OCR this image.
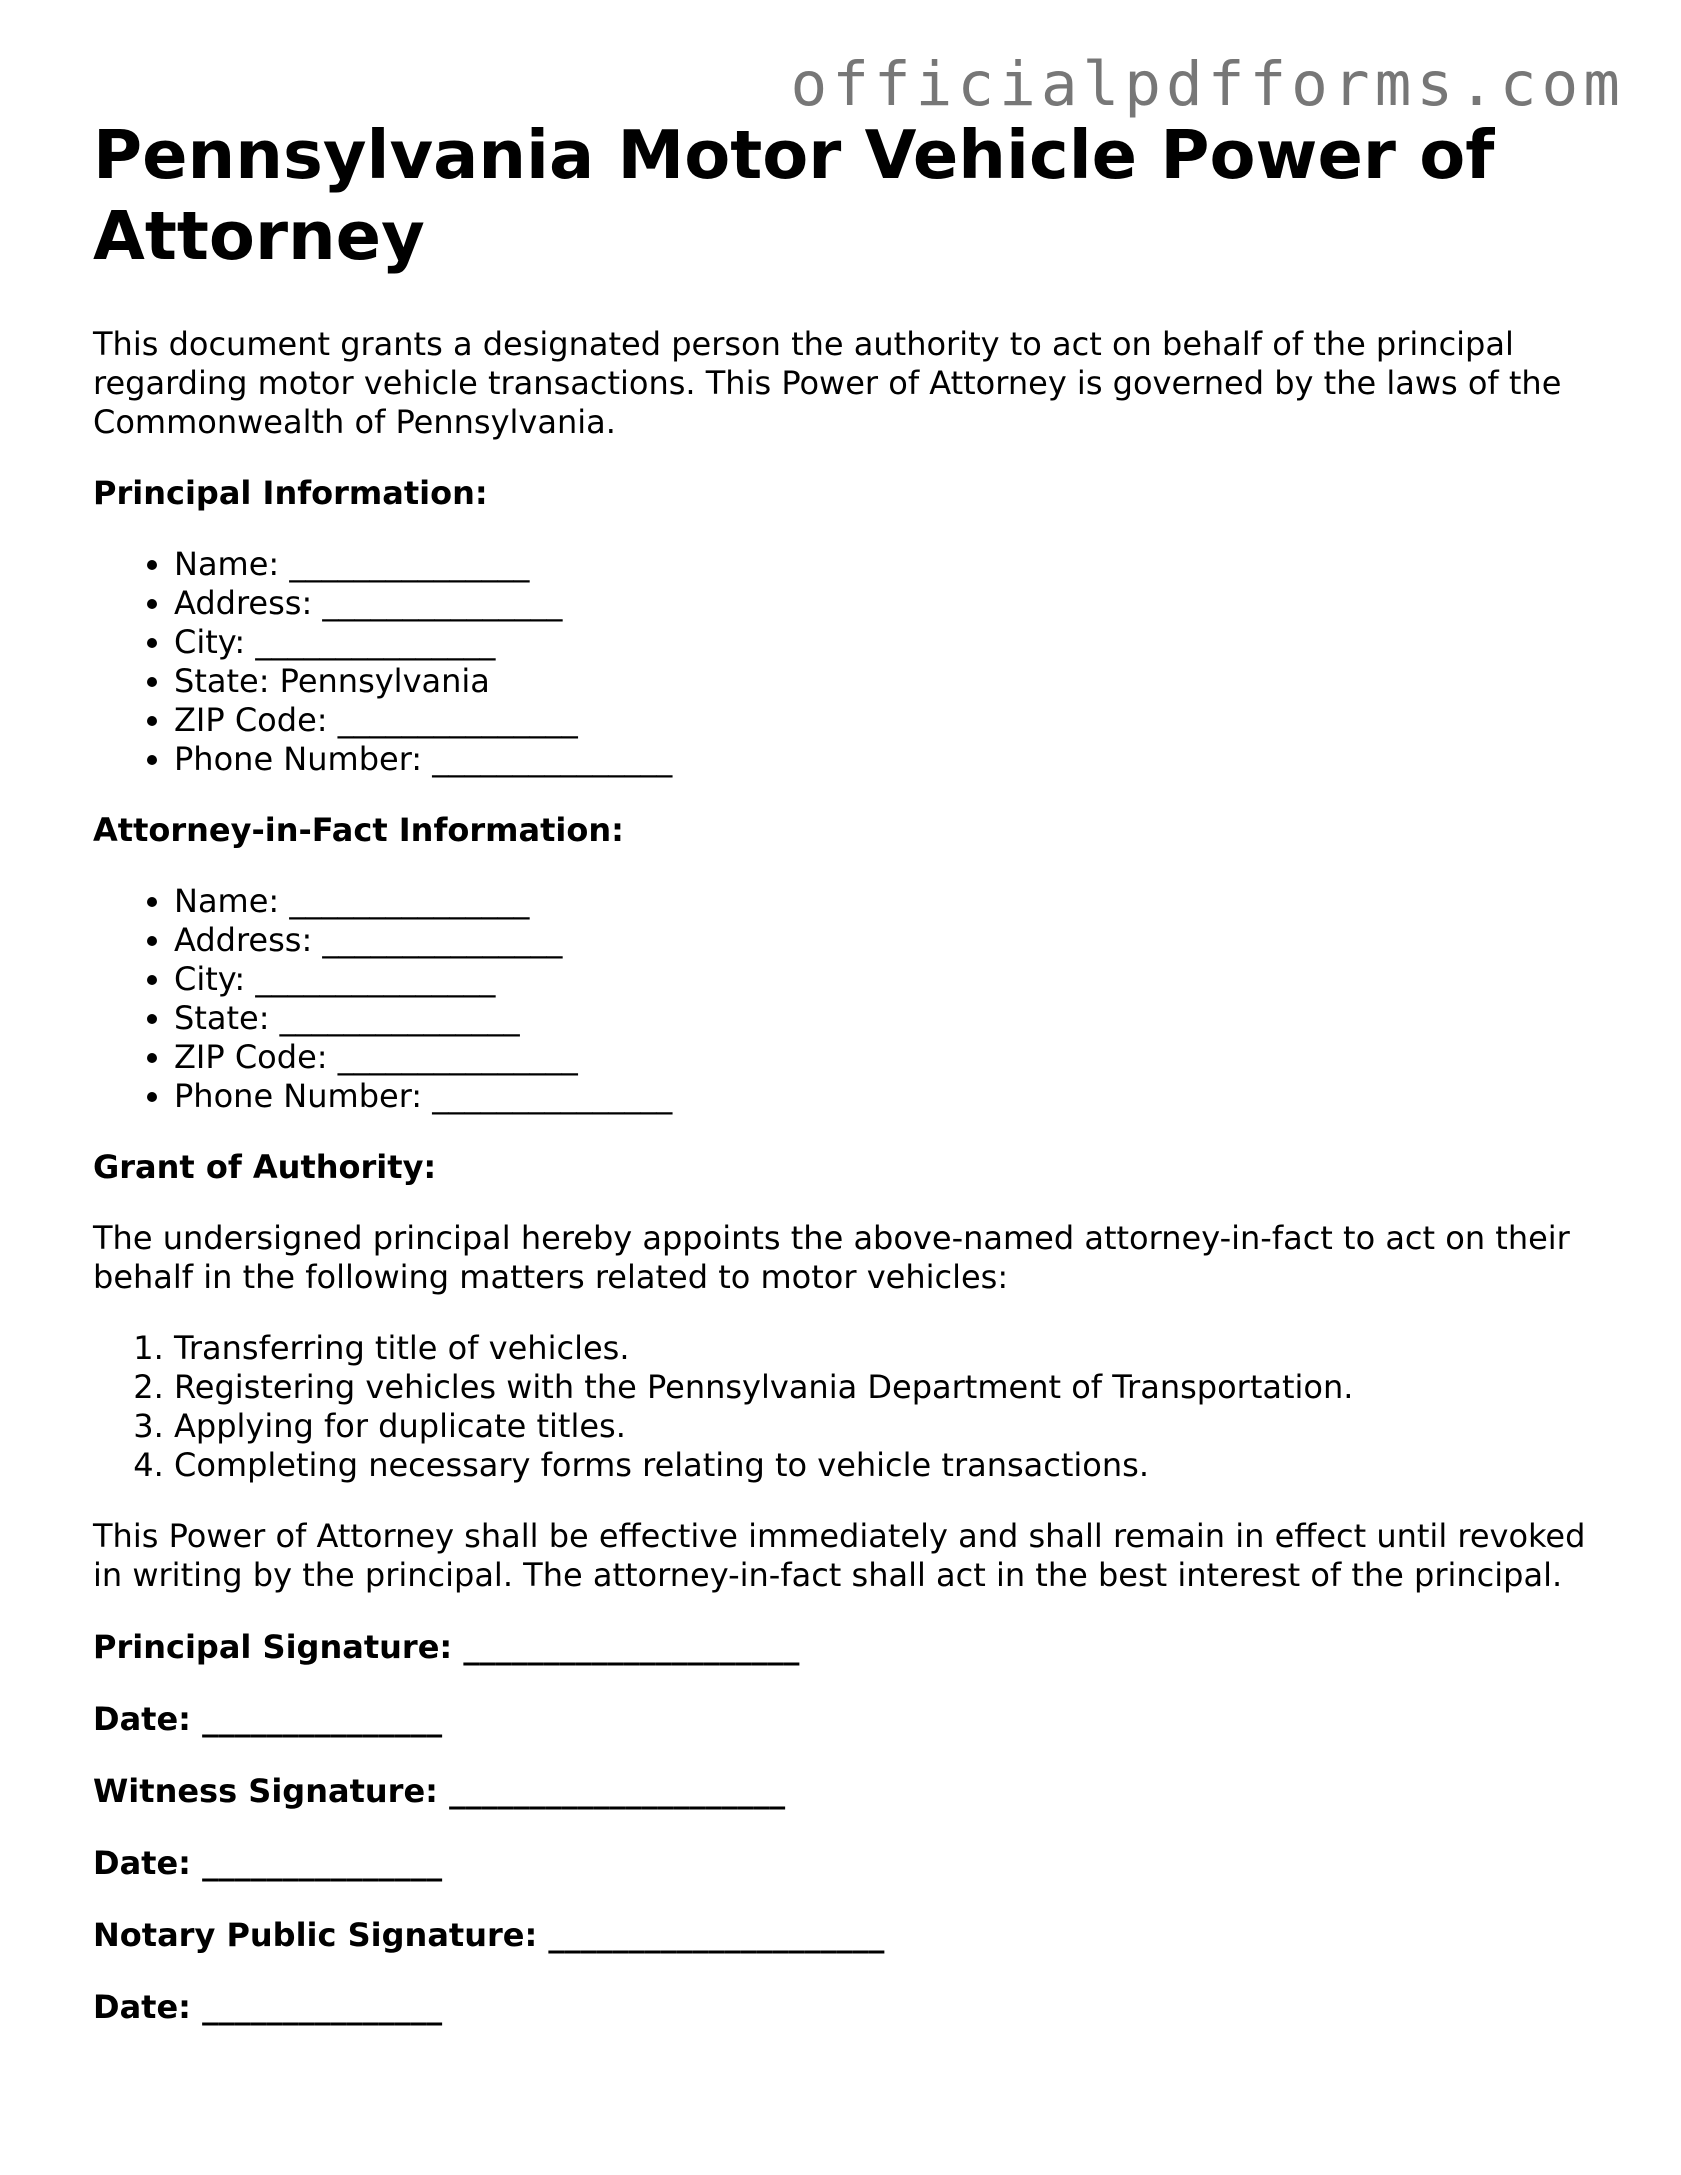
officialpdfforms.com

Pennsylvania Motor Vehicle Power of Attorney

This document grants a designated person the authority to act on behalf of the principal regarding motor vehicle transactions. This Power of Attorney is governed by the laws of the Commonwealth of Pennsylvania.

Principal Information:

• Name: _______________
• Address: _______________
• City: _______________
• State: Pennsylvania
• ZIP Code: _______________
• Phone Number: _______________

Attorney-in-Fact Information:

• Name: _______________
• Address: _______________
• City: _______________
• State: _______________
• ZIP Code: _______________
• Phone Number: _______________

Grant of Authority:

The undersigned principal hereby appoints the above-named attorney-in-fact to act on their behalf in the following matters related to motor vehicles:

1. Transferring title of vehicles.
2. Registering vehicles with the Pennsylvania Department of Transportation.
3. Applying for duplicate titles.
4. Completing necessary forms relating to vehicle transactions.

This Power of Attorney shall be effective immediately and shall remain in effect until revoked in writing by the principal. The attorney-in-fact shall act in the best interest of the principal.

Principal Signature: _____________________

Date: _______________

Witness Signature: _____________________

Date: _______________

Notary Public Signature: _____________________

Date: _______________
